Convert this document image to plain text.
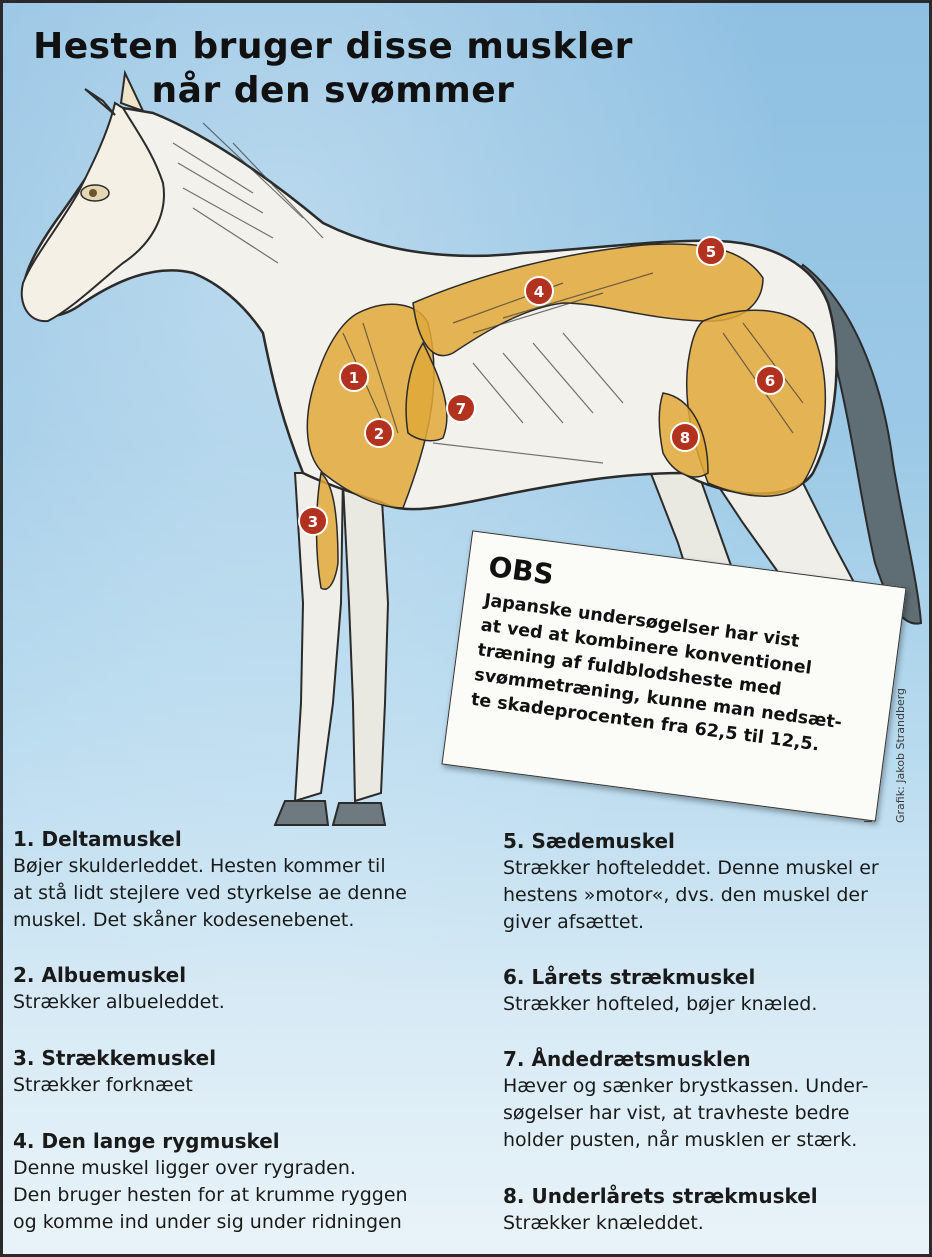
Hesten bruger disse muskler
når den svømmer
1
2
3
4
5
6
7
8

Grafik: Jakob Strandberg

1. Deltamuskel
Bøjer skulderleddet. Hesten kommer til
at stå lidt stejlere ved styrkelse ae denne
muskel. Det skåner kodesenebenet.
2. Albuemuskel
Strækker albueleddet.
3. Strækkemuskel
Strækker forknæet
4. Den lange rygmuskel
Denne muskel ligger over rygraden.
Den bruger hesten for at krumme ryggen
og komme ind under sig under ridningen
5. Sædemuskel
Strækker hofteleddet. Denne muskel er
hestens »motor«, dvs. den muskel der
giver afsættet.
6. Lårets strækmuskel
Strækker hofteled, bøjer knæled.
7. Åndedrætsmusklen
Hæver og sænker brystkassen. Under-
søgelser har vist, at travheste bedre
holder pusten, når musklen er stærk.
8. Underlårets strækmuskel
Strækker knæleddet.
OBS
Japanske undersøgelser har vist
at ved at kombinere konventionel
træning af fuldblodsheste med
svømmetræning, kunne man nedsæt-
te skadeprocenten fra 62,5 til 12,5.
